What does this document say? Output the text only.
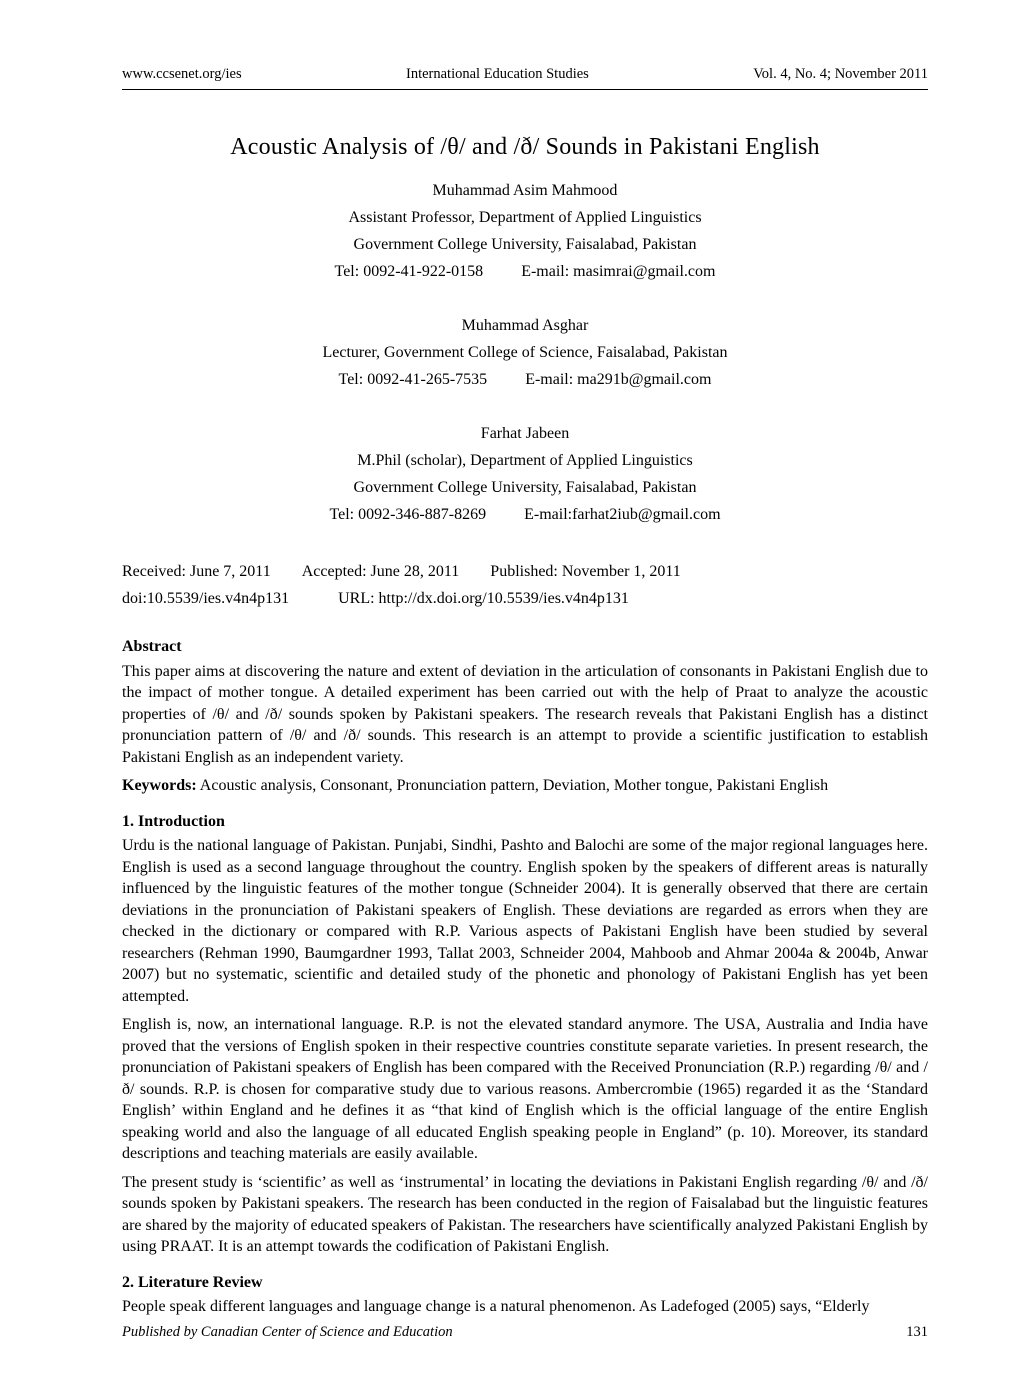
www.ccsenet.org/ies	International Education Studies	Vol. 4, No. 4; November 2011
Acoustic Analysis of /θ/ and /ð/ Sounds in Pakistani English

Muhammad Asim Mahmood

Assistant Professor, Department of Applied Linguistics

Government College University, Faisalabad, Pakistan

Tel: 0092-41-922-0158 E-mail: masimrai@gmail.com

Muhammad Asghar

Lecturer, Government College of Science, Faisalabad, Pakistan

Tel: 0092-41-265-7535 E-mail: ma291b@gmail.com

Farhat Jabeen

M.Phil (scholar), Department of Applied Linguistics

Government College University, Faisalabad, Pakistan

Tel: 0092-346-887-8269 E-mail:farhat2iub@gmail.com

Received: June 7, 2011 Accepted: June 28, 2011 Published: November 1, 2011
doi:10.5539/ies.v4n4p131	URL: http://dx.doi.org/10.5539/ies.v4n4p131
Abstract

This paper aims at discovering the nature and extent of deviation in the articulation of consonants in Pakistani English due to the impact of mother tongue. A detailed experiment has been carried out with the help of Praat to analyze the acoustic properties of /θ/ and /ð/ sounds spoken by Pakistani speakers. The research reveals that Pakistani English has a distinct pronunciation pattern of /θ/ and /ð/ sounds. This research is an attempt to provide a scientific justification to establish Pakistani English as an independent variety.

Keywords: Acoustic analysis, Consonant, Pronunciation pattern, Deviation, Mother tongue, Pakistani English

1. Introduction

Urdu is the national language of Pakistan. Punjabi, Sindhi, Pashto and Balochi are some of the major regional languages here. English is used as a second language throughout the country. English spoken by the speakers of different areas is naturally influenced by the linguistic features of the mother tongue (Schneider 2004). It is generally observed that there are certain deviations in the pronunciation of Pakistani speakers of English. These deviations are regarded as errors when they are checked in the dictionary or compared with R.P. Various aspects of Pakistani English have been studied by several researchers (Rehman 1990, Baumgardner 1993, Tallat 2003, Schneider 2004, Mahboob and Ahmar 2004a & 2004b, Anwar 2007) but no systematic, scientific and detailed study of the phonetic and phonology of Pakistani English has yet been attempted.

English is, now, an international language. R.P. is not the elevated standard anymore. The USA, Australia and India have proved that the versions of English spoken in their respective countries constitute separate varieties. In present research, the pronunciation of Pakistani speakers of English has been compared with the Received Pronunciation (R.P.) regarding /θ/ and /ð/ sounds. R.P. is chosen for comparative study due to various reasons. Ambercrombie (1965) regarded it as the ‘Standard English’ within England and he defines it as “that kind of English which is the official language of the entire English speaking world and also the language of all educated English speaking people in England” (p. 10). Moreover, its standard descriptions and teaching materials are easily available.

The present study is ‘scientific’ as well as ‘instrumental’ in locating the deviations in Pakistani English regarding /θ/ and /ð/ sounds spoken by Pakistani speakers. The research has been conducted in the region of Faisalabad but the linguistic features are shared by the majority of educated speakers of Pakistan. The researchers have scientifically analyzed Pakistani English by using PRAAT. It is an attempt towards the codification of Pakistani English.

2. Literature Review

People speak different languages and language change is a natural phenomenon. As Ladefoged (2005) says, “Elderly

Published by Canadian Center of Science and Education	131
